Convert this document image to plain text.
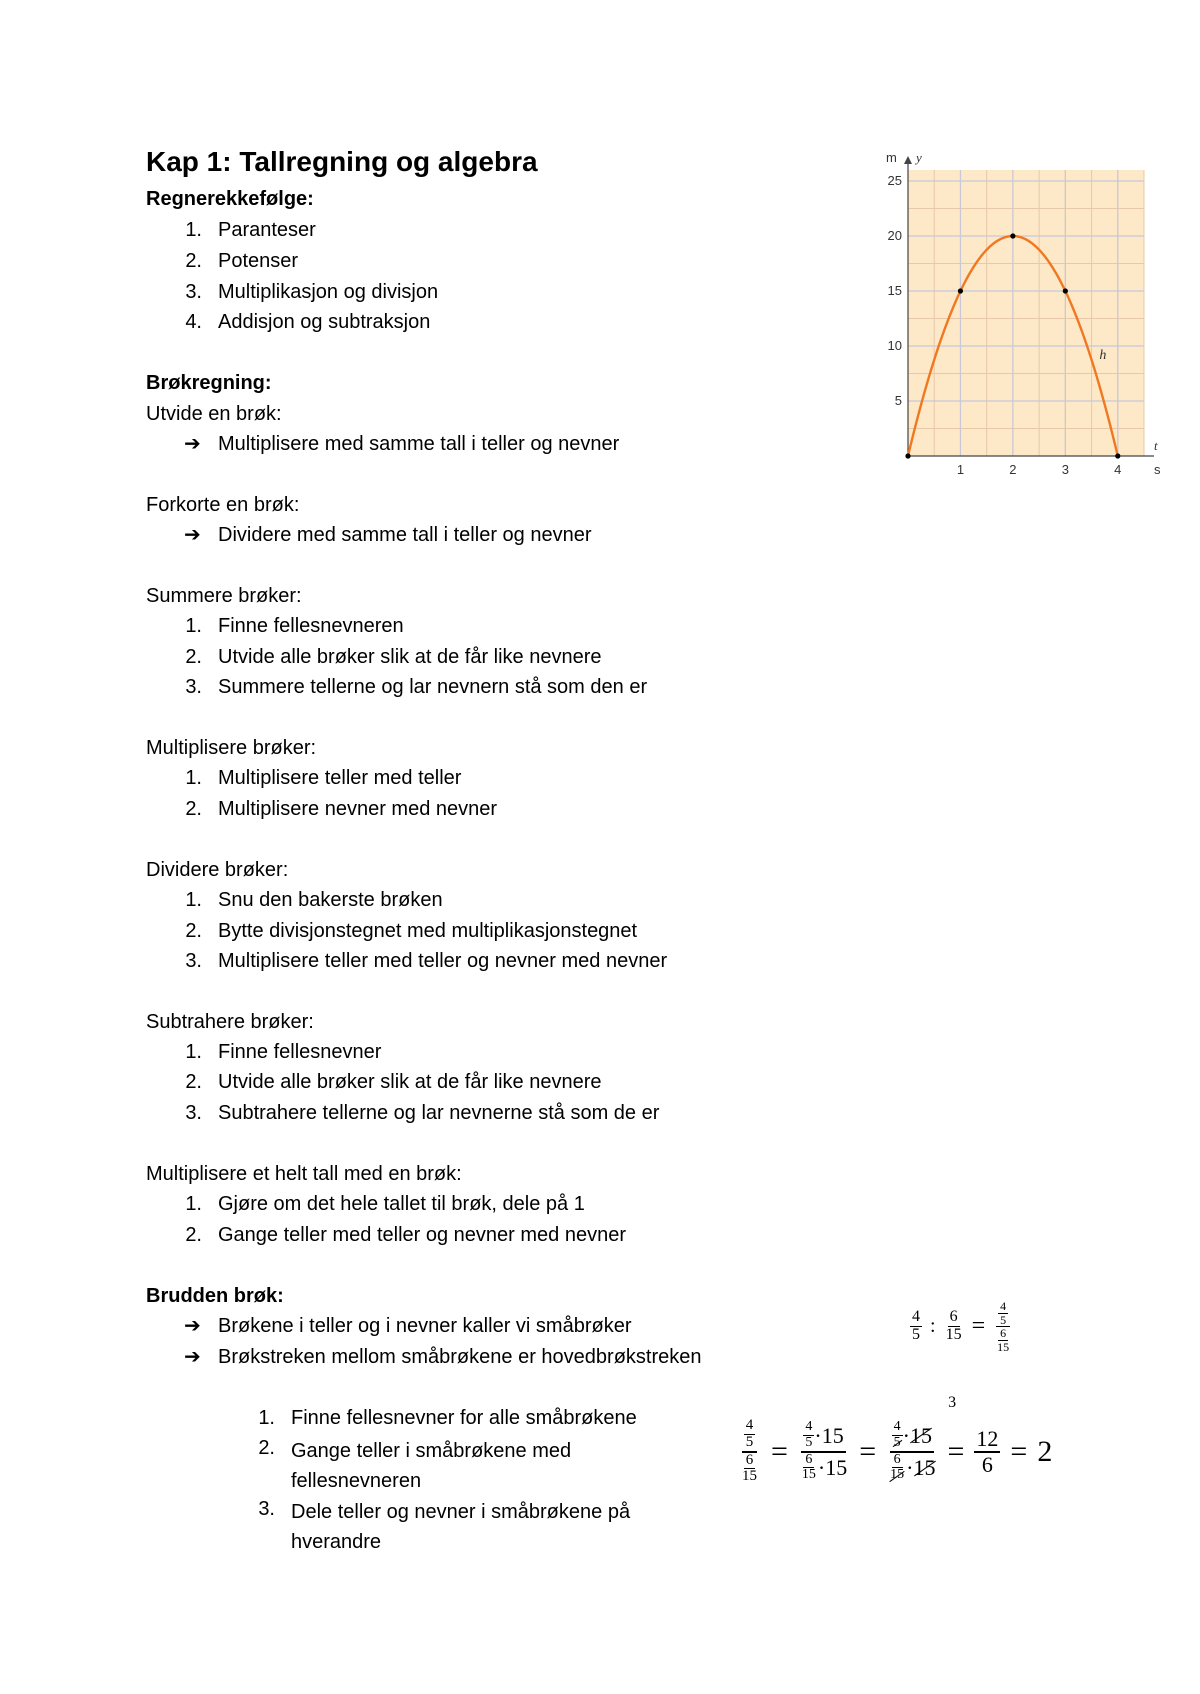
Kap 1: Tallregning og algebra
Regnerekkefølge:
1. Paranteser
2. Potenser
3. Multiplikasjon og divisjon
4. Addisjon og subtraksjon
Brøkregning:
Utvide en brøk:
➔ Multiplisere med samme tall i teller og nevner
Forkorte en brøk:
➔ Dividere med samme tall i teller og nevner
Summere brøker:
1. Finne fellesnevneren
2. Utvide alle brøker slik at de får like nevnere
3. Summere tellerne og lar nevnern stå som den er
Multiplisere brøker:
1. Multiplisere teller med teller
2. Multiplisere nevner med nevner
Dividere brøker:
1. Snu den bakerste brøken
2. Bytte divisjonstegnet med multiplikasjonstegnet
3. Multiplisere teller med teller og nevner med nevner
Subtrahere brøker:
1. Finne fellesnevner
2. Utvide alle brøker slik at de får like nevnere
3. Subtrahere tellerne og lar nevnerne stå som de er
Multiplisere et helt tall med en brøk:
1. Gjøre om det hele tallet til brøk, dele på 1
2. Gange teller med teller og nevner med nevner
Brudden brøk:
➔ Brøkene i teller og i nevner kaller vi småbrøker
➔ Brøkstreken mellom småbrøkene er hovedbrøkstreken
1. Finne fellesnevner for alle småbrøkene
2. Gange teller i småbrøkene med fellesnevneren
3. Dele teller og nevner i småbrøkene på hverandre
1	2	3	4
5
10
15
20
25
m y
t
s
h
$\frac{4}{5}$ : $\frac{6}{15} = \frac{\frac{4}{5}}{\frac{6}{15}}$
$\frac{\frac{4}{5}}{\frac{6}{15}} = \frac{\frac{4}{5} \cdot 15}{\frac{6}{15} \cdot 15}$ =
3
$\frac{\frac{4}{5} \cdot 15}{\frac{6}{15} \cdot 15} = \frac{12}{6} = 2$
